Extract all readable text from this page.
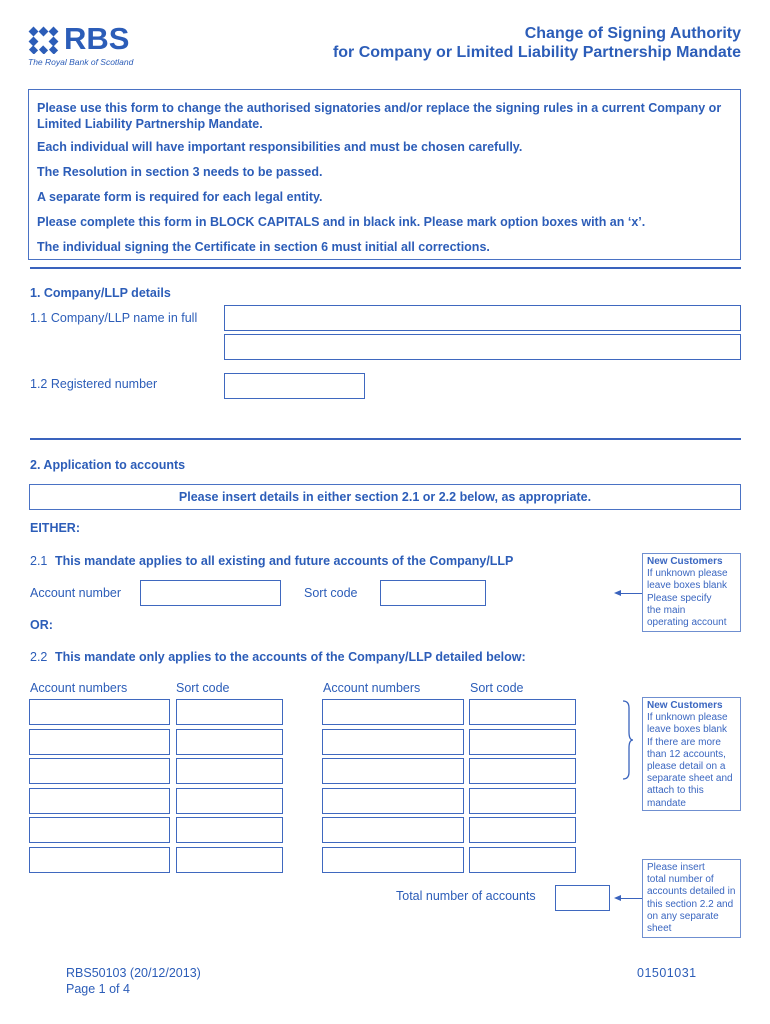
RBS
The Royal Bank of Scotland
Change of Signing Authority
for Company or Limited Liability Partnership Mandate
Please use this form to change the authorised signatories and/or replace the signing rules in a current Company or Limited Liability Partnership Mandate.
Each individual will have important responsibilities and must be chosen carefully.
The Resolution in section 3 needs to be passed.
A separate form is required for each legal entity.
Please complete this form in BLOCK CAPITALS and in black ink. Please mark option boxes with an ‘x’.
The individual signing the Certificate in section 6 must initial all corrections.
1. Company/LLP details
1.1 Company/LLP name in full
1.2 Registered number
2. Application to accounts
Please insert details in either section 2.1 or 2.2 below, as appropriate.
EITHER:
2.1 This mandate applies to all existing and future accounts of the Company/LLP
Account number	Sort code
OR:
2.2 This mandate only applies to the accounts of the Company/LLP detailed below:
Account numbers	Sort code	Account numbers	Sort code
Total number of accounts
New Customers
If unknown please
leave boxes blank
Please specify
the main
operating account
New Customers
If unknown please
leave boxes blank
If there are more
than 12 accounts,
please detail on a
separate sheet and
attach to this
mandate
Please insert
total number of
accounts detailed in
this section 2.2 and
on any separate
sheet
RBS50103 (20/12/2013)
Page 1 of 4
01501031
